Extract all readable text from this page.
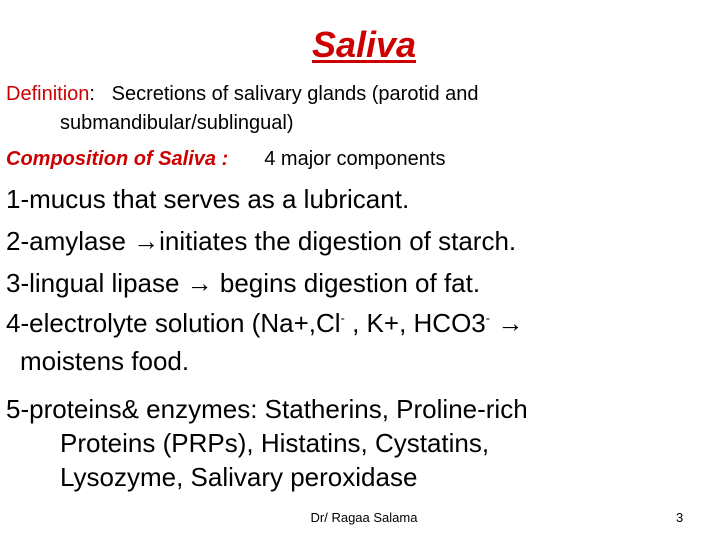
Saliva
Definition: Secretions of salivary glands (parotid and
submandibular/sublingual)
Composition of Saliva : 4 major components
1-mucus that serves as a lubricant.
2-amylase →initiates the digestion of starch.
3-lingual lipase → begins digestion of fat.
4-electrolyte solution (Na+,Cl- , K+, HCO3- →
moistens food.
5-proteins& enzymes: Statherins, Proline-rich
Proteins (PRPs), Histatins, Cystatins,
Lysozyme, Salivary peroxidase
Dr/ Ragaa Salama	3
